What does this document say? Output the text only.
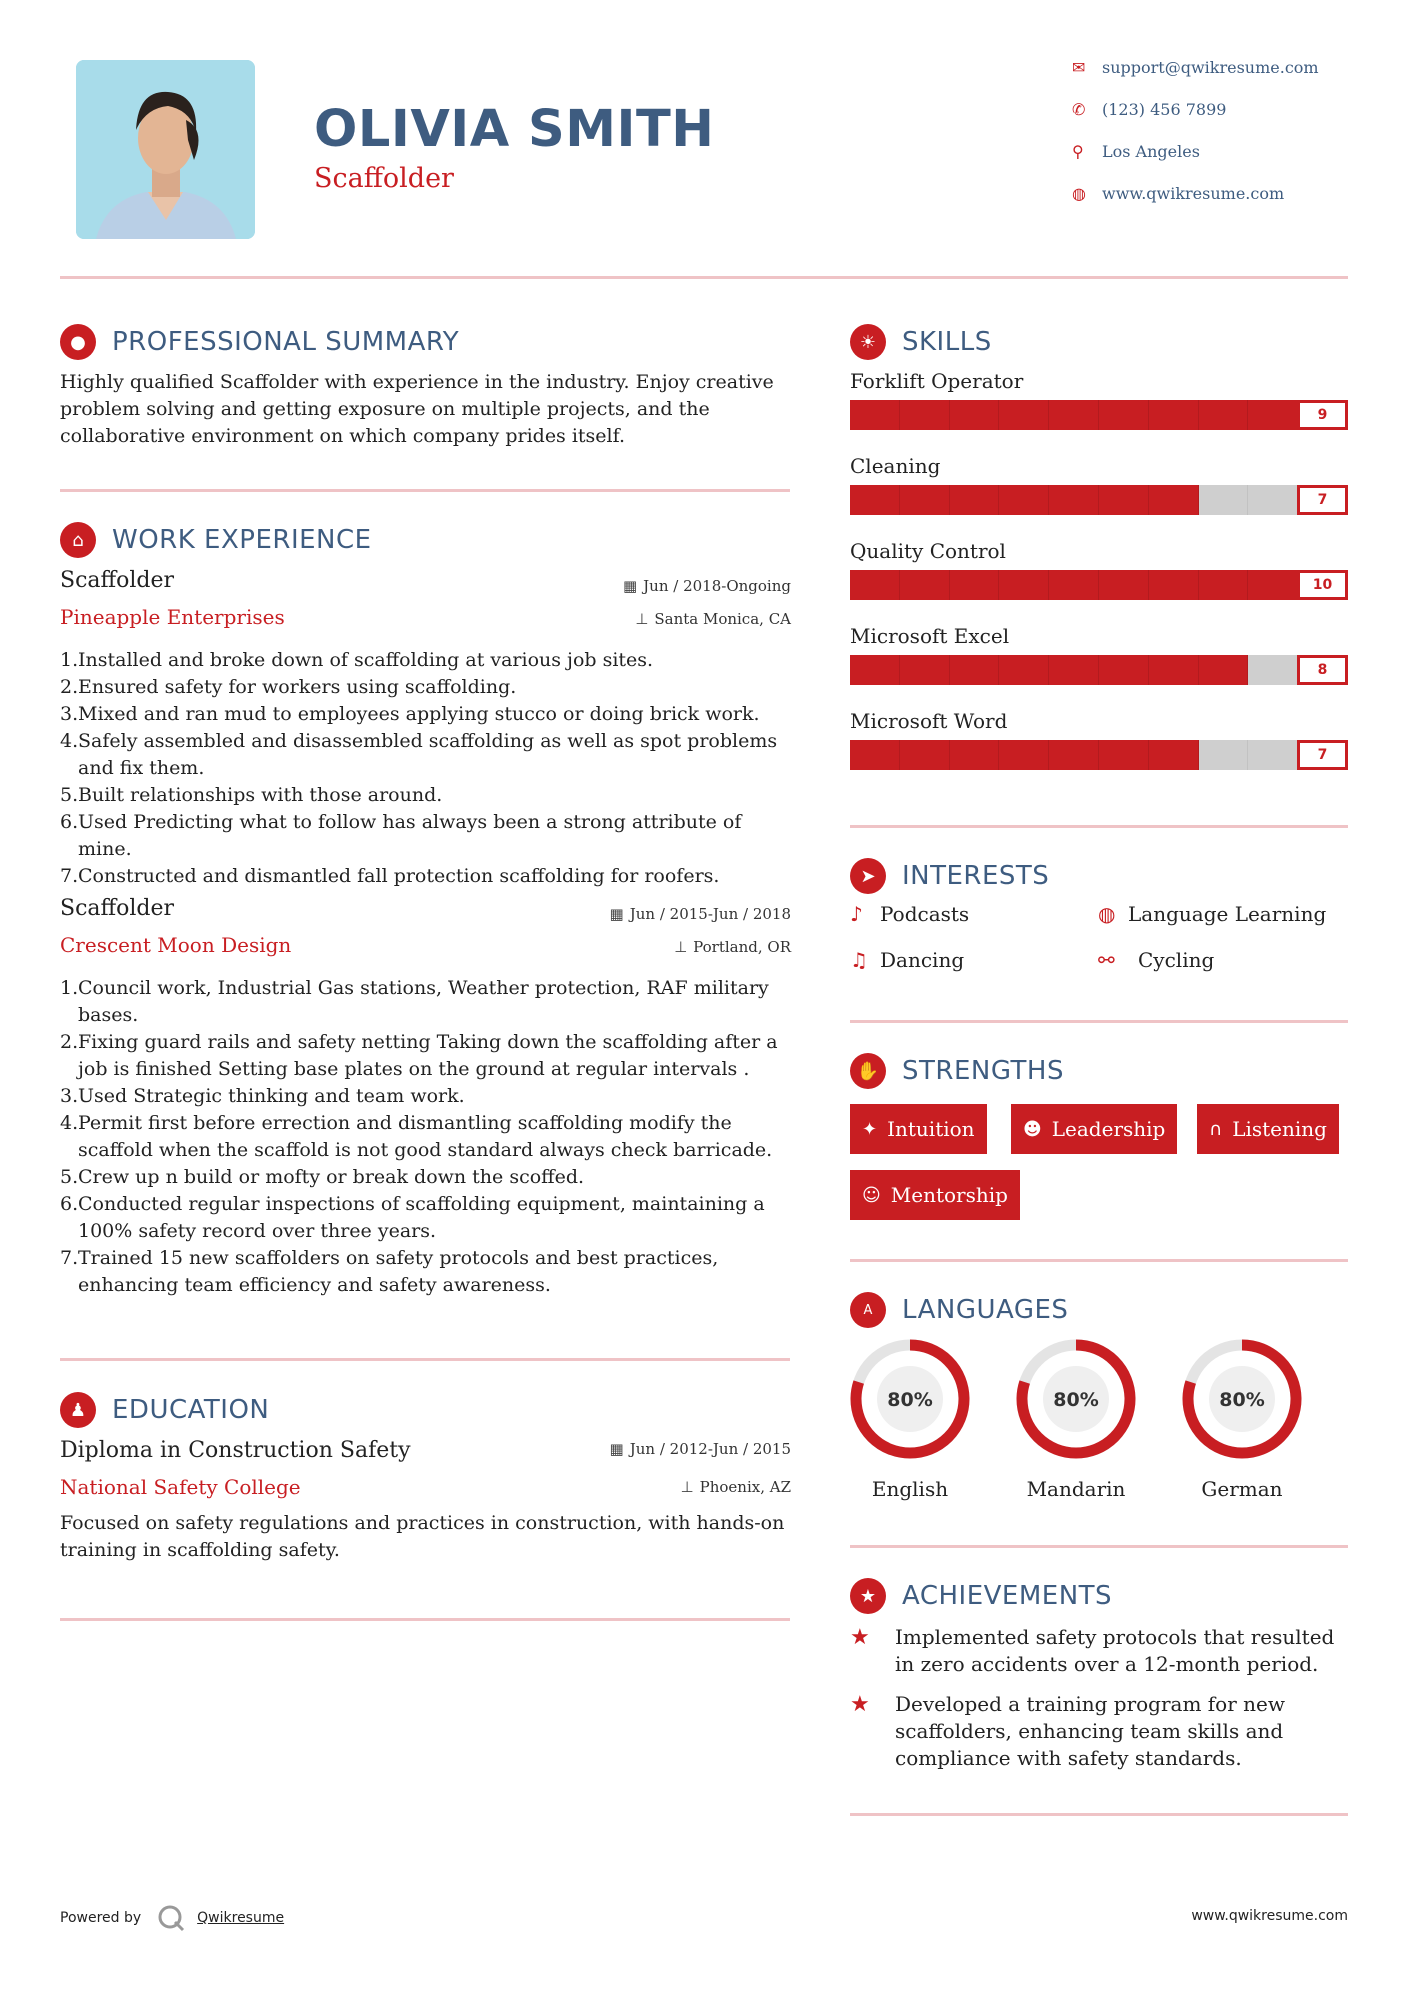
OLIVIA SMITH
Scaffolder
✉	support@qwikresume.com
✆	(123) 456 7899
⚲	Los Angeles
◍	www.qwikresume.com
●	PROFESSIONAL SUMMARY
Highly qualified Scaffolder with experience in the industry. Enjoy creative problem solving and getting exposure on multiple projects, and the collaborative environment on which company prides itself.
⌂	WORK EXPERIENCE
Scaffolder	▦ Jun / 2018-Ongoing
Pineapple Enterprises	⊥ Santa Monica, CA
1. Installed and broke down of scaffolding at various job sites.
2. Ensured safety for workers using scaffolding.
3. Mixed and ran mud to employees applying stucco or doing brick work.
4. Safely assembled and disassembled scaffolding as well as spot problems and fix them.
5. Built relationships with those around.
6. Used Predicting what to follow has always been a strong attribute of mine.
7. Constructed and dismantled fall protection scaffolding for roofers.
Scaffolder	▦ Jun / 2015-Jun / 2018
Crescent Moon Design	⊥ Portland, OR
1. Council work, Industrial Gas stations, Weather protection, RAF military bases.
2. Fixing guard rails and safety netting Taking down the scaffolding after a job is finished Setting base plates on the ground at regular intervals .
3. Used Strategic thinking and team work.
4. Permit first before errection and dismantling scaffolding modify the scaffold when the scaffold is not good standard always check barricade.
5. Crew up n build or mofty or break down the scoffed.
6. Conducted regular inspections of scaffolding equipment, maintaining a 100% safety record over three years.
7. Trained 15 new scaffolders on safety protocols and best practices, enhancing team efficiency and safety awareness.
♟ EDUCATION
Diploma in Construction Safety	▦ Jun / 2012-Jun / 2015
National Safety College	⊥ Phoenix, AZ
Focused on safety regulations and practices in construction, with hands-on training in scaffolding safety.
☀ SKILLS
Forklift Operator
9
Cleaning
7
Quality Control
10
Microsoft Excel
8
Microsoft Word
7
➤	INTERESTS
♪ Podcasts	◍ Language Learning
♫ Dancing	⚯	Cycling
✋ STRENGTHS
✦ Intuition	☻ Leadership ∩ Listening
☺ Mentorship
A	LANGUAGES
80%
English
80%
Mandarin
80%
German
★ ACHIEVEMENTS
★	Implemented safety protocols that resulted in zero accidents over a 12-month period.
★	Developed a training program for new scaffolders, enhancing team skills and compliance with safety standards.
Powered by	Qwikresume	www.qwikresume.com
